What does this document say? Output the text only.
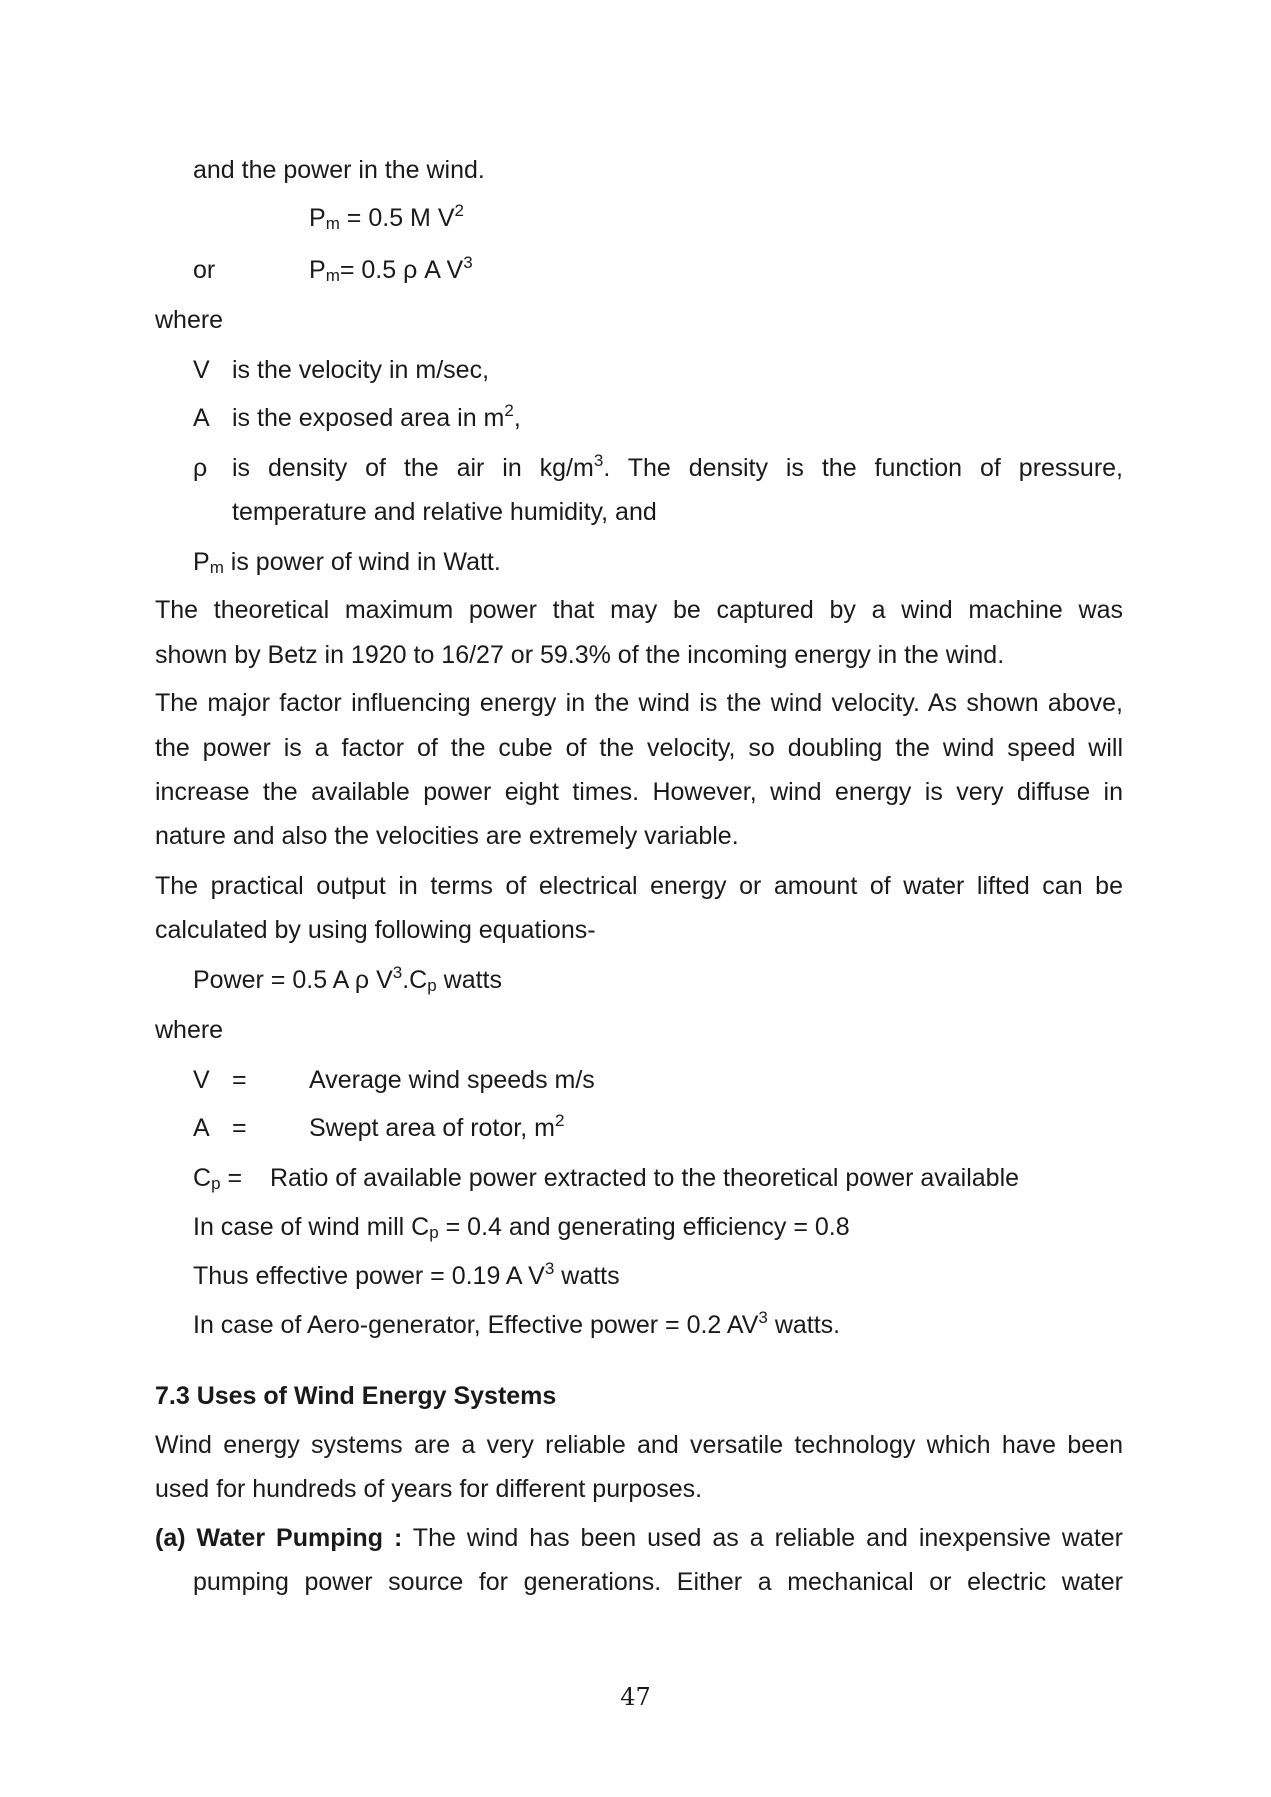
and the power in the wind.
$P_m = 0.5$ M $V^2$
or	$P_m= 0.5$ ρ A $V^3$
where
V is the velocity in m/sec,
A is the exposed area in $m^2$,
ρ is density of the air in $kg/m^3$. The density is the function of pressure,
temperature and relative humidity, and
$P_m$ is power of wind in Watt.
The theoretical maximum power that may be captured by a wind machine was
shown by Betz in 1920 to 16/27 or 59.3% of the incoming energy in the wind.
The major factor influencing energy in the wind is the wind velocity. As shown above,
the power is a factor of the cube of the velocity, so doubling the wind speed will
increase the available power eight times. However, wind energy is very diffuse in
nature and also the velocities are extremely variable.
The practical output in terms of electrical energy or amount of water lifted can be
calculated by using following equations-
Power = 0.5 A ρ $V^3.C_p$ watts
where
V = Average wind speeds m/s
A = Swept area of rotor, $m^2$
$C_p$ = Ratio of available power extracted to the theoretical power available
In case of wind mill $C_p = 0.4$ and generating efficiency = 0.8
Thus effective power = 0.19 A $V^3$ watts
In case of Aero-generator, Effective power = 0.2 $AV^3$ watts.
7.3 Uses of Wind Energy Systems
Wind energy systems are a very reliable and versatile technology which have been
used for hundreds of years for different purposes.
(a) Water Pumping : The wind has been used as a reliable and inexpensive water
pumping power source for generations. Either a mechanical or electric water
47
